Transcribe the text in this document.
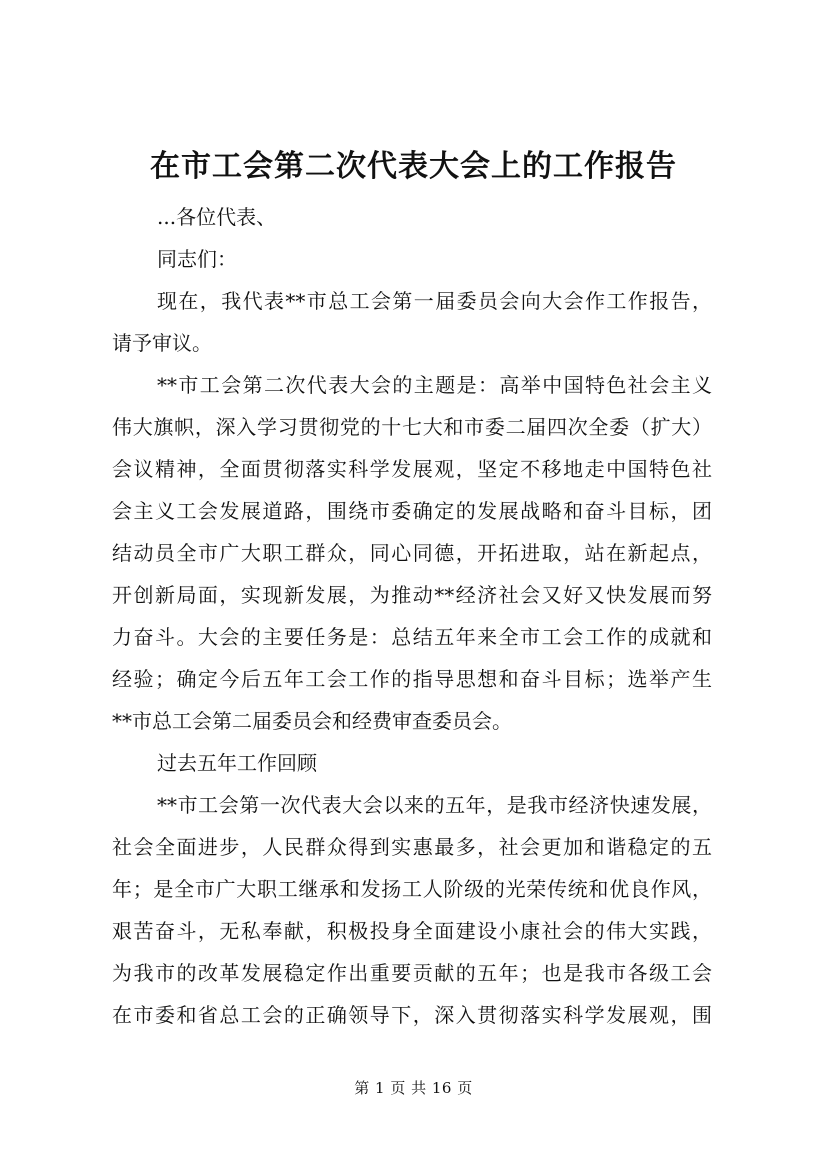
在市工会第二次代表大会上的工作报告
...各位代表、
同志们：
现在，我代表**市总工会第一届委员会向大会作工作报告，
请予审议。
**市工会第二次代表大会的主题是：高举中国特色社会主义
伟大旗帜，深入学习贯彻党的十七大和市委二届四次全委（扩大）
会议精神，全面贯彻落实科学发展观，坚定不移地走中国特色社
会主义工会发展道路，围绕市委确定的发展战略和奋斗目标，团
结动员全市广大职工群众，同心同德，开拓进取，站在新起点，
开创新局面，实现新发展，为推动**经济社会又好又快发展而努
力奋斗。大会的主要任务是：总结五年来全市工会工作的成就和
经验；确定今后五年工会工作的指导思想和奋斗目标；选举产生
**市总工会第二届委员会和经费审查委员会。
过去五年工作回顾
**市工会第一次代表大会以来的五年，是我市经济快速发展，
社会全面进步，人民群众得到实惠最多，社会更加和谐稳定的五
年；是全市广大职工继承和发扬工人阶级的光荣传统和优良作风，
艰苦奋斗，无私奉献，积极投身全面建设小康社会的伟大实践，
为我市的改革发展稳定作出重要贡献的五年；也是我市各级工会
在市委和省总工会的正确领导下，深入贯彻落实科学发展观，围
第 1 页 共 16 页
